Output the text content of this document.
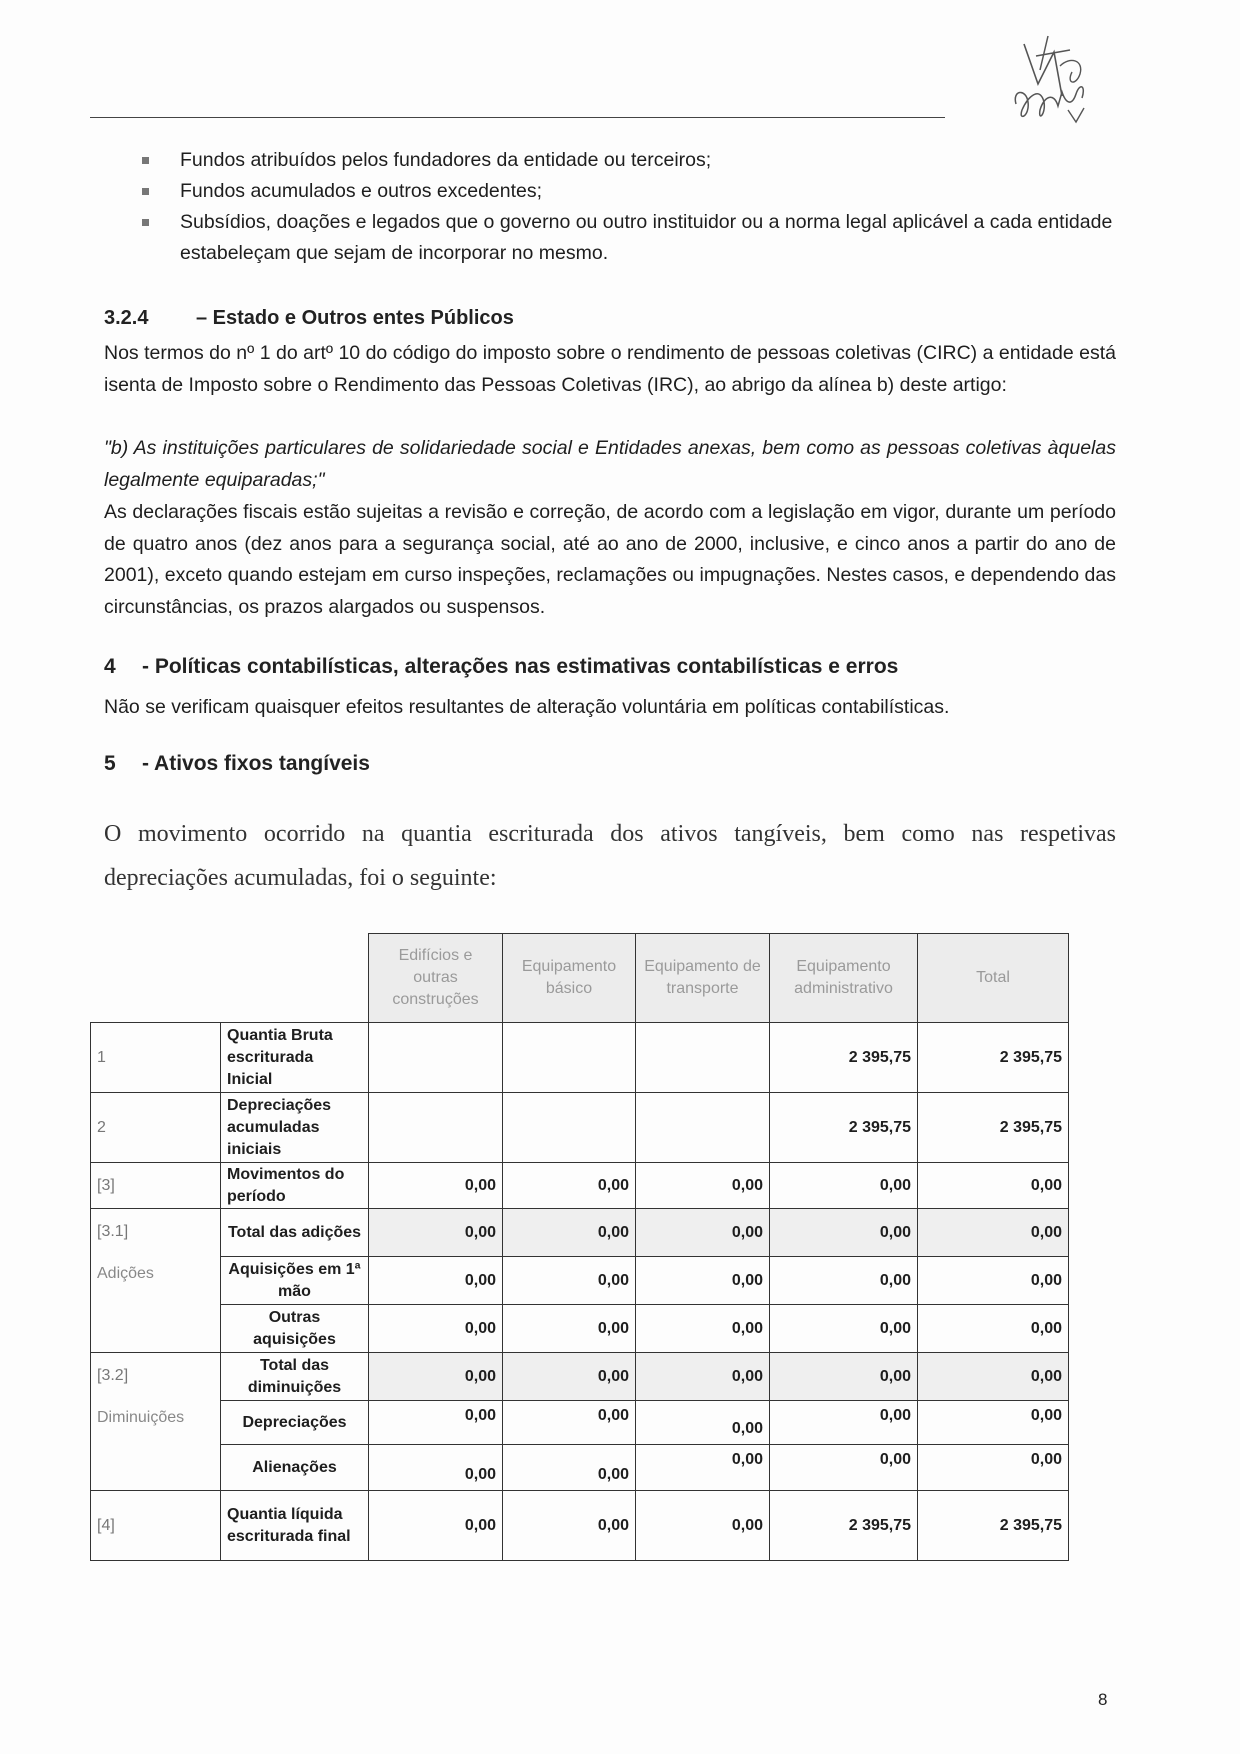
Fundos atribuídos pelos fundadores da entidade ou terceiros;
Fundos acumulados e outros excedentes;
Subsídios, doações e legados que o governo ou outro instituidor ou a norma legal aplicável a cada entidade estabeleçam que sejam de incorporar no mesmo.
3.2.4 – Estado e Outros entes Públicos

Nos termos do nº 1 do artº 10 do código do imposto sobre o rendimento de pessoas coletivas (CIRC) a entidade está isenta de Imposto sobre o Rendimento das Pessoas Coletivas (IRC), ao abrigo da alínea b) deste artigo:

"b) As instituições particulares de solidariedade social e Entidades anexas, bem como as pessoas coletivas àquelas legalmente equiparadas;"

As declarações fiscais estão sujeitas a revisão e correção, de acordo com a legislação em vigor, durante um período de quatro anos (dez anos para a segurança social, até ao ano de 2000, inclusive, e cinco anos a partir do ano de 2001), exceto quando estejam em curso inspeções, reclamações ou impugnações. Nestes casos, e dependendo das circunstâncias, os prazos alargados ou suspensos.

4 - Políticas contabilísticas, alterações nas estimativas contabilísticas e erros

Não se verificam quaisquer efeitos resultantes de alteração voluntária em políticas contabilísticas.

5 - Ativos fixos tangíveis

O movimento ocorrido na quantia escriturada dos ativos tangíveis, bem como nas respetivas depreciações acumuladas, foi o seguinte:

		Edifícios e outras construções	Equipamento básico	Equipamento de transporte	Equipamento administrativo	Total
1	Quantia Bruta escriturada Inicial				2 395,75	2 395,75
2	Depreciações acumuladas iniciais				2 395,75	2 395,75
[3]	Movimentos do período	0,00	0,00	0,00	0,00	0,00
[3.1]
Adições	Total das adições	0,00	0,00	0,00	0,00	0,00
	Aquisições em 1ª mão	0,00	0,00	0,00	0,00	0,00
	Outras aquisições	0,00	0,00	0,00	0,00	0,00
[3.2]
Diminuições	Total das diminuições	0,00	0,00	0,00	0,00	0,00
	Depreciações	0,00	0,00	0,00	0,00	0,00
	Alienações	0,00	0,00	0,00	0,00	0,00
[4]	Quantia líquida escriturada final	0,00	0,00	0,00	2 395,75	2 395,75
8
